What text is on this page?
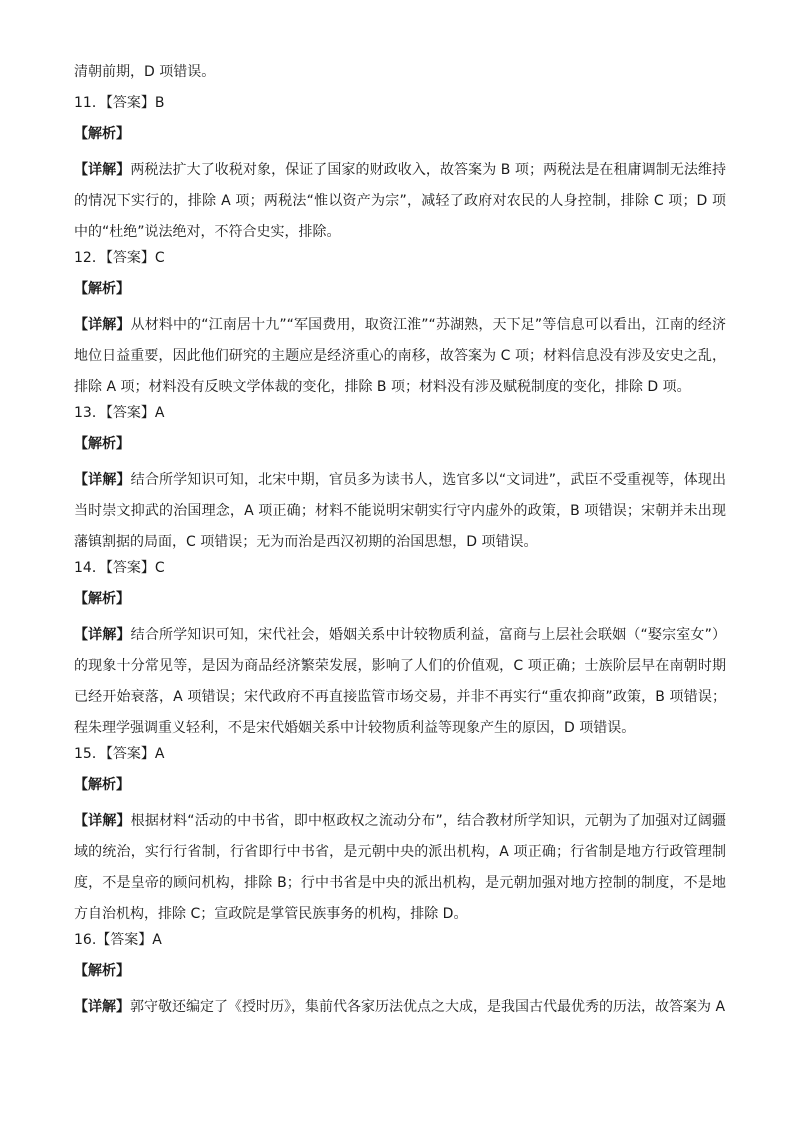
清朝前期，D 项错误。
11．【答案】B
【解析】
【详解】两税法扩大了收税对象，保证了国家的财政收入，故答案为 B 项；两税法是在租庸调制无法维持的情况下实行的，排除 A 项；两税法“惟以资产为宗”，减轻了政府对农民的人身控制，排除 C 项；D 项中的“杜绝”说法绝对，不符合史实，排除。
12．【答案】C
【解析】
【详解】从材料中的“江南居十九”“军国费用，取资江淮”“苏湖熟，天下足”等信息可以看出，江南的经济地位日益重要，因此他们研究的主题应是经济重心的南移，故答案为 C 项；材料信息没有涉及安史之乱，排除 A 项；材料没有反映文学体裁的变化，排除 B 项；材料没有涉及赋税制度的变化，排除 D 项。
13．【答案】A
【解析】
【详解】结合所学知识可知，北宋中期，官员多为读书人，选官多以“文词进”，武臣不受重视等，体现出当时崇文抑武的治国理念，A 项正确；材料不能说明宋朝实行守内虚外的政策，B 项错误；宋朝并未出现藩镇割据的局面，C 项错误；无为而治是西汉初期的治国思想，D 项错误。
14．【答案】C
【解析】
【详解】结合所学知识可知，宋代社会，婚姻关系中计较物质利益，富商与上层社会联姻（“娶宗室女”）的现象十分常见等，是因为商品经济繁荣发展，影响了人们的价值观，C 项正确；士族阶层早在南朝时期已经开始衰落，A 项错误；宋代政府不再直接监管市场交易，并非不再实行“重农抑商”政策，B 项错误；程朱理学强调重义轻利，不是宋代婚姻关系中计较物质利益等现象产生的原因，D 项错误。
15．【答案】A
【解析】
【详解】根据材料“活动的中书省，即中枢政权之流动分布”，结合教材所学知识，元朝为了加强对辽阔疆域的统治，实行行省制，行省即行中书省，是元朝中央的派出机构，A 项正确；行省制是地方行政管理制度，不是皇帝的顾问机构，排除 B；行中书省是中央的派出机构，是元朝加强对地方控制的制度，不是地方自治机构，排除 C；宣政院是掌管民族事务的机构，排除 D。
16.【答案】A
【解析】
【详解】郭守敬还编定了《授时历》，集前代各家历法优点之大成，是我国古代最优秀的历法，故答案为 A
